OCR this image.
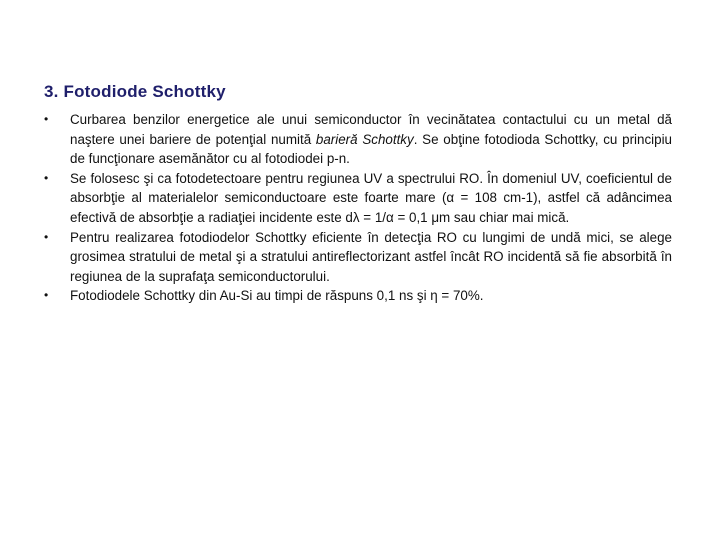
3. Fotodiode Schottky
•	Curbarea benzilor energetice ale unui semiconductor în vecinătatea contactului cu un metal dă naştere unei bariere de potenţial numită barieră Schottky. Se obţine fotodioda Schottky, cu principiu de funcţionare asemănător cu al fotodiodei p-n.
•	Se folosesc şi ca fotodetectoare pentru regiunea UV a spectrului RO. În domeniul UV, coeficientul de absorbţie al materialelor semiconductoare este foarte mare (α = 108 cm-1), astfel că adâncimea efectivă de absorbţie a radiaţiei incidente este dλ = 1/α = 0,1 μm sau chiar mai mică.
•	Pentru realizarea fotodiodelor Schottky eficiente în detecţia RO cu lungimi de undă mici, se alege grosimea stratului de metal şi a stratului antireflectorizant astfel încât RO incidentă să fie absorbită în regiunea de la suprafaţa semiconductorului.
•	Fotodiodele Schottky din Au-Si au timpi de răspuns 0,1 ns şi η = 70%.
